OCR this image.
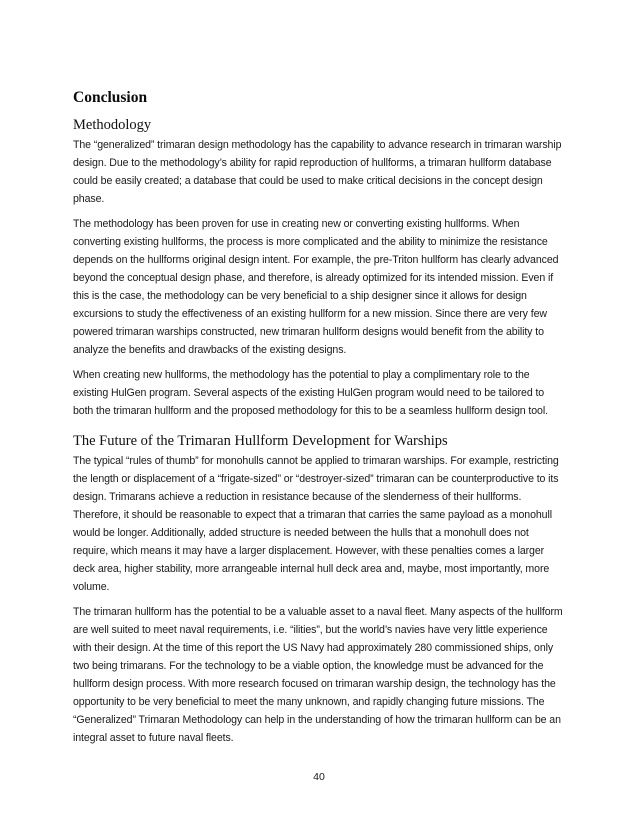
Conclusion
Methodology

The “generalized” trimaran design methodology has the capability to advance research in trimaran warship design. Due to the methodology’s ability for rapid reproduction of hullforms, a trimaran hullform database could be easily created; a database that could be used to make critical decisions in the concept design phase.

The methodology has been proven for use in creating new or converting existing hullforms. When converting existing hullforms, the process is more complicated and the ability to minimize the resistance depends on the hullforms original design intent. For example, the pre-Triton hullform has clearly advanced beyond the conceptual design phase, and therefore, is already optimized for its intended mission. Even if this is the case, the methodology can be very beneficial to a ship designer since it allows for design excursions to study the effectiveness of an existing hullform for a new mission. Since there are very few powered trimaran warships constructed, new trimaran hullform designs would benefit from the ability to analyze the benefits and drawbacks of the existing designs.

When creating new hullforms, the methodology has the potential to play a complimentary role to the existing HulGen program. Several aspects of the existing HulGen program would need to be tailored to both the trimaran hullform and the proposed methodology for this to be a seamless hullform design tool.

The Future of the Trimaran Hullform Development for Warships

The typical “rules of thumb” for monohulls cannot be applied to trimaran warships. For example, restricting the length or displacement of a “frigate-sized” or “destroyer-sized” trimaran can be counterproductive to its design. Trimarans achieve a reduction in resistance because of the slenderness of their hullforms. Therefore, it should be reasonable to expect that a trimaran that carries the same payload as a monohull would be longer. Additionally, added structure is needed between the hulls that a monohull does not require, which means it may have a larger displacement. However, with these penalties comes a larger deck area, higher stability, more arrangeable internal hull deck area and, maybe, most importantly, more volume.

The trimaran hullform has the potential to be a valuable asset to a naval fleet. Many aspects of the hullform are well suited to meet naval requirements, i.e. “ilities”, but the world’s navies have very little experience with their design. At the time of this report the US Navy had approximately 280 commissioned ships, only two being trimarans. For the technology to be a viable option, the knowledge must be advanced for the hullform design process. With more research focused on trimaran warship design, the technology has the opportunity to be very beneficial to meet the many unknown, and rapidly changing future missions. The “Generalized” Trimaran Methodology can help in the understanding of how the trimaran hullform can be an integral asset to future naval fleets.

40
